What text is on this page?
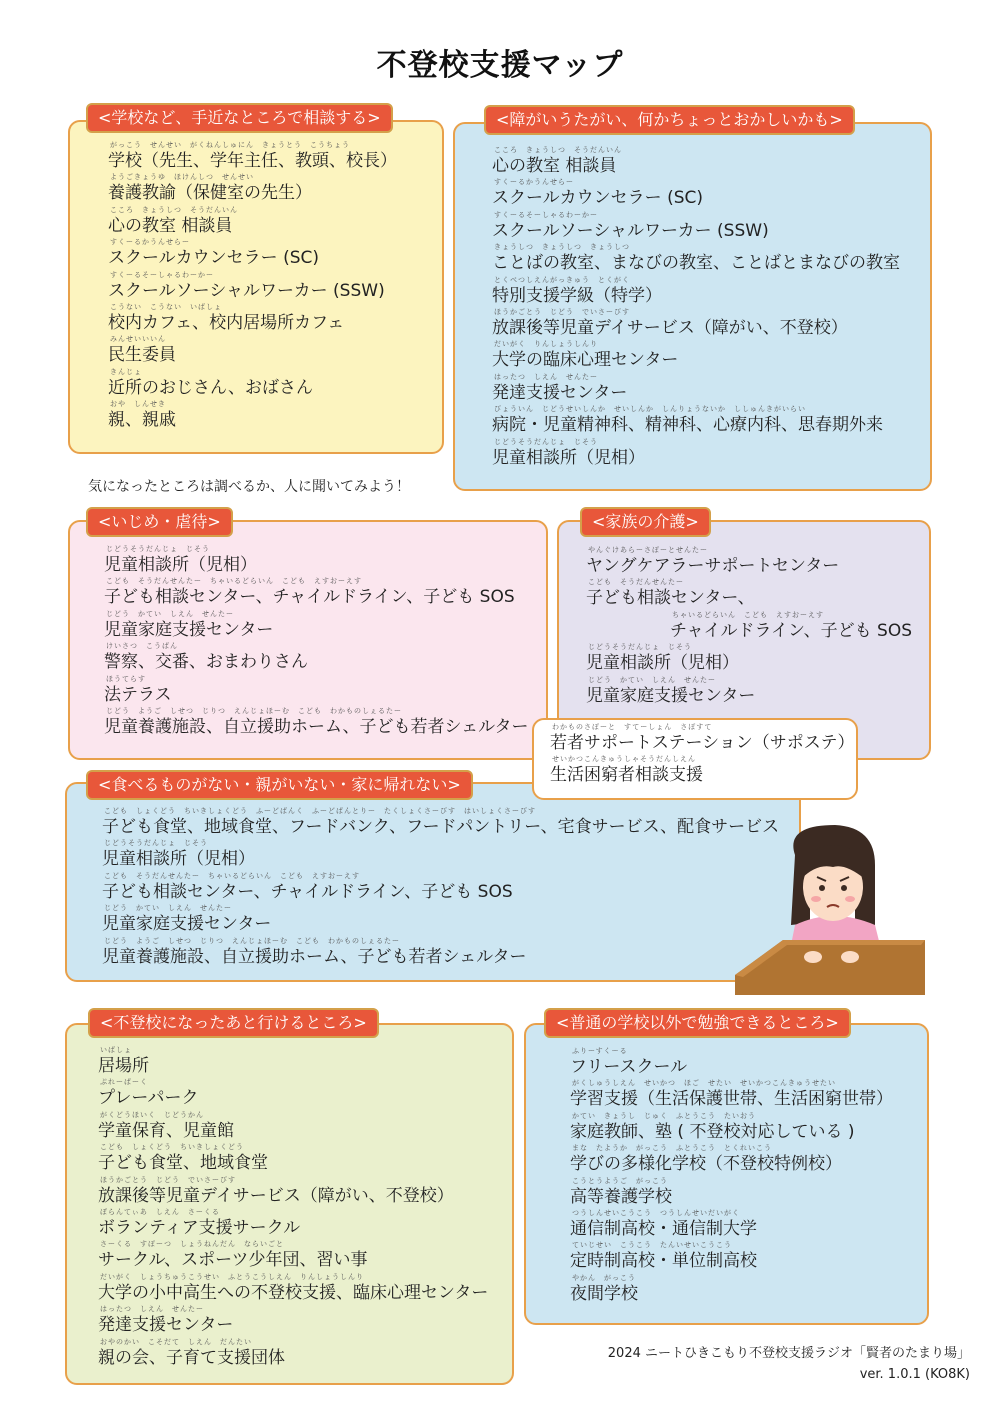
不登校支援マップ
<学校など、手近なところで相談する>
がっこう　せんせい　がくねんしゅにん　きょうとう　こうちょう
学校（先生、学年主任、教頭、校長）
ようごきょうゆ　ほけんしつ　せんせい
養護教諭（保健室の先生）
こころ　きょうしつ　そうだんいん
心の教室 相談員
すくーるかうんせらー
スクールカウンセラー (SC)
すくーるそーしゃるわーかー
スクールソーシャルワーカー (SSW)
こうない　こうない　いばしょ
校内カフェ、校内居場所カフェ
みんせいいいん
民生委員
きんじょ
近所のおじさん、おばさん
おや　しんせき
親、親戚
<障がいうたがい、何かちょっとおかしいかも>
こころ　きょうしつ　そうだんいん
心の教室 相談員
すくーるかうんせらー
スクールカウンセラー (SC)
すくーるそーしゃるわーかー
スクールソーシャルワーカー (SSW)
きょうしつ　きょうしつ　きょうしつ
ことばの教室、まなびの教室、ことばとまなびの教室
とくべつしえんがっきゅう　とくがく
特別支援学級（特学）
ほうかごとう　じどう　でいさーびす
放課後等児童デイサービス（障がい、不登校）
だいがく　りんしょうしんり
大学の臨床心理センター
はったつ　しえん　せんたー
発達支援センター
びょういん　じどうせいしんか　せいしんか　しんりょうないか　ししゅんきがいらい
病院・児童精神科、精神科、心療内科、思春期外来
じどうそうだんじょ　じそう
児童相談所（児相）
気になったところは調べるか、人に聞いてみよう！
<いじめ・虐待>
じどうそうだんじょ　じそう
児童相談所（児相）
こども　そうだんせんたー　ちゃいるどらいん　こども　えすおーえす
子ども相談センター、チャイルドライン、子ども SOS
じどう　かてい　しえん　せんたー
児童家庭支援センター
けいさつ　こうばん
警察、交番、おまわりさん
ほうてらす
法テラス
じどう　ようご　しせつ　じりつ　えんじょほーむ　こども　わかものしぇるたー
児童養護施設、自立援助ホーム、子ども若者シェルター
<家族の介護>
やんぐけあらーさぽーとせんたー
ヤングケアラーサポートセンター
こども　そうだんせんたー
子ども相談センター、
ちゃいるどらいん　こども　えすおーえす
チャイルドライン、子ども SOS
じどうそうだんじょ　じそう
児童相談所（児相）
じどう　かてい　しえん　せんたー
児童家庭支援センター
わかものさぽーと　すてーしょん　さぽすて
若者サポートステーション（サポステ）
せいかつこんきゅうしゃそうだんしえん
生活困窮者相談支援
<食べるものがない・親がいない・家に帰れない>
こども　しょくどう　ちいきしょくどう　ふーどばんく　ふーどぱんとりー　たくしょくさーびす　はいしょくさーびす
子ども食堂、地域食堂、フードバンク、フードパントリー、宅食サービス、配食サービス
じどうそうだんじょ　じそう
児童相談所（児相）
こども　そうだんせんたー　ちゃいるどらいん　こども　えすおーえす
子ども相談センター、チャイルドライン、子ども SOS
じどう　かてい　しえん　せんたー
児童家庭支援センター
じどう　ようご　しせつ　じりつ　えんじょほーむ　こども　わかものしぇるたー
児童養護施設、自立援助ホーム、子ども若者シェルター
<不登校になったあと行けるところ>
いばしょ
居場所
ぷれーぱーく
プレーパーク
がくどうほいく　じどうかん
学童保育、児童館
こども　しょくどう　ちいきしょくどう
子ども食堂、地域食堂
ほうかごとう　じどう　でいさーびす
放課後等児童デイサービス（障がい、不登校）
ぼらんてぃあ　しえん　さーくる
ボランティア支援サークル
さーくる　すぽーつ　しょうねんだん　ならいごと
サークル、スポーツ少年団、習い事
だいがく　しょうちゅうこうせい　ふとうこうしえん　りんしょうしんり
大学の小中高生への不登校支援、臨床心理センター
はったつ　しえん　せんたー
発達支援センター
おやのかい　こそだて　しえん　だんたい
親の会、子育て支援団体
<普通の学校以外で勉強できるところ>
ふりーすくーる
フリースクール
がくしゅうしえん　せいかつ　ほご　せたい　せいかつこんきゅうせたい
学習支援（生活保護世帯、生活困窮世帯）
かてい　きょうし　じゅく　ふとうこう　たいおう
家庭教師、塾 ( 不登校対応している )
まな　たようか　がっこう　ふとうこう　とくれいこう
学びの多様化学校（不登校特例校）
こうとうようご　がっこう
高等養護学校
つうしんせいこうこう　つうしんせいだいがく
通信制高校・通信制大学
ていじせい　こうこう　たんいせいこうこう
定時制高校・単位制高校
やかん　がっこう
夜間学校
2024 ニートひきこもり不登校支援ラジオ「賢者のたまり場」
ver. 1.0.1 (KO8K)
